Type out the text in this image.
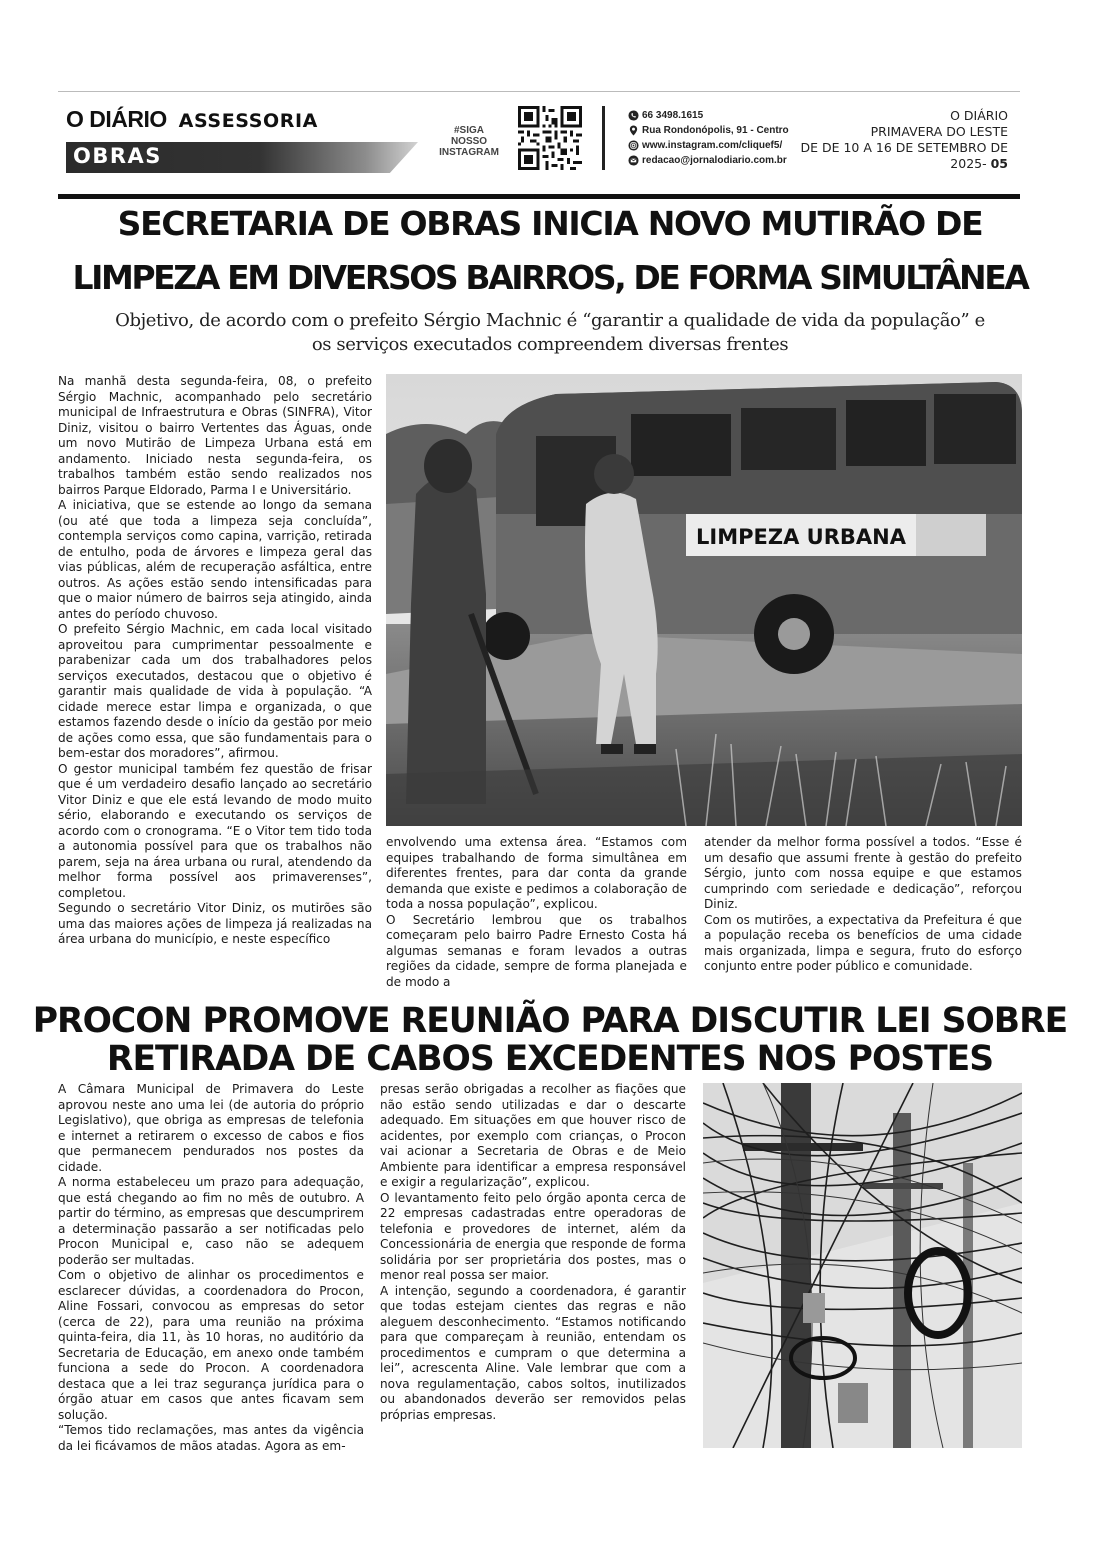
O DIÁRIO ASSESSORIA
OBRAS
#SIGA
NOSSO
INSTAGRAM
66 3498.1615
Rua Rondonópolis, 91 - Centro
www.instagram.com/cliquef5/
redacao@jornalodiario.com.br
O DIÁRIO
PRIMAVERA DO LESTE
DE DE 10 A 16 DE SETEMBRO DE
2025- 05
SECRETARIA DE OBRAS INICIA NOVO MUTIRÃO DE
LIMPEZA EM DIVERSOS BAIRROS, DE FORMA SIMULTÂNEA
Objetivo, de acordo com o prefeito Sérgio Machnic é “garantir a qualidade de vida da população” e
os serviços executados compreendem diversas frentes

Na manhã desta segunda-feira, 08, o prefeito Sérgio Machnic, acompanhado pelo secretário municipal de Infraestrutura e Obras (SINFRA), Vitor Diniz, visitou o bairro Vertentes das Águas, onde um novo Mutirão de Limpeza Urbana está em andamento. Iniciado nesta segunda-feira, os trabalhos também estão sendo realizados nos bairros Parque Eldorado, Parma I e Universitário.

A iniciativa, que se estende ao longo da semana (ou até que toda a limpeza seja concluída”, contempla serviços como capina, varrição, retirada de entulho, poda de árvores e limpeza geral das vias públicas, além de recuperação asfáltica, entre outros. As ações estão sendo intensificadas para que o maior número de bairros seja atingido, ainda antes do período chuvoso.

O prefeito Sérgio Machnic, em cada local visitado aproveitou para cumprimentar pessoalmente e parabenizar cada um dos trabalhadores pelos serviços executados, destacou que o objetivo é garantir mais qualidade de vida à população. “A cidade merece estar limpa e organizada, o que estamos fazendo desde o início da gestão por meio de ações como essa, que são fundamentais para o bem-estar dos moradores”, afirmou.

O gestor municipal também fez questão de frisar que é um verdadeiro desafio lançado ao secretário Vitor Diniz e que ele está levando de modo muito sério, elaborando e executando os serviços de acordo com o cronograma. “E o Vitor tem tido toda a autonomia possível para que os trabalhos não parem, seja na área urbana ou rural, atendendo da melhor forma possível aos primaverenses”, completou.

Segundo o secretário Vitor Diniz, os mutirões são uma das maiores ações de limpeza já realizadas na área urbana do município, e neste específico

LIMPEZA URBANA

envolvendo uma extensa área. “Estamos com equipes trabalhando de forma simultânea em diferentes frentes, para dar conta da grande demanda que existe e pedimos a colaboração de toda a nossa população”, explicou.

O Secretário lembrou que os trabalhos começaram pelo bairro Padre Ernesto Costa há algumas semanas e foram levados a outras regiões da cidade, sempre de forma planejada e de modo a

atender da melhor forma possível a todos. “Esse é um desafio que assumi frente à gestão do prefeito Sérgio, junto com nossa equipe e que estamos cumprindo com seriedade e dedicação”, reforçou Diniz.

Com os mutirões, a expectativa da Prefeitura é que a população receba os benefícios de uma cidade mais organizada, limpa e segura, fruto do esforço conjunto entre poder público e comunidade.

PROCON PROMOVE REUNIÃO PARA DISCUTIR LEI SOBRE
RETIRADA DE CABOS EXCEDENTES NOS POSTES

A Câmara Municipal de Primavera do Leste aprovou neste ano uma lei (de autoria do próprio Legislativo), que obriga as empresas de telefonia e internet a retirarem o excesso de cabos e fios que permanecem pendurados nos postes da cidade.

A norma estabeleceu um prazo para adequação, que está chegando ao fim no mês de outubro. A partir do término, as empresas que descumprirem a determinação passarão a ser notificadas pelo Procon Municipal e, caso não se adequem poderão ser multadas.

Com o objetivo de alinhar os procedimentos e esclarecer dúvidas, a coordenadora do Procon, Aline Fossari, convocou as empresas do setor (cerca de 22), para uma reunião na próxima quinta-feira, dia 11, às 10 horas, no auditório da Secretaria de Educação, em anexo onde também funciona a sede do Procon. A coordenadora destaca que a lei traz segurança jurídica para o órgão atuar em casos que antes ficavam sem solução.

“Temos tido reclamações, mas antes da vigência da lei ficávamos de mãos atadas. Agora as em-

presas serão obrigadas a recolher as fiações que não estão sendo utilizadas e dar o descarte adequado. Em situações em que houver risco de acidentes, por exemplo com crianças, o Procon vai acionar a Secretaria de Obras e de Meio Ambiente para identificar a empresa responsável e exigir a regularização”, explicou.

O levantamento feito pelo órgão aponta cerca de 22 empresas cadastradas entre operadoras de telefonia e provedores de internet, além da Concessionária de energia que responde de forma solidária por ser proprietária dos postes, mas o menor real possa ser maior.

A intenção, segundo a coordenadora, é garantir que todas estejam cientes das regras e não aleguem desconhecimento. “Estamos notificando para que compareçam à reunião, entendam os procedimentos e cumpram o que determina a lei”, acrescenta Aline. Vale lembrar que com a nova regulamentação, cabos soltos, inutilizados ou abandonados deverão ser removidos pelas próprias empresas.
